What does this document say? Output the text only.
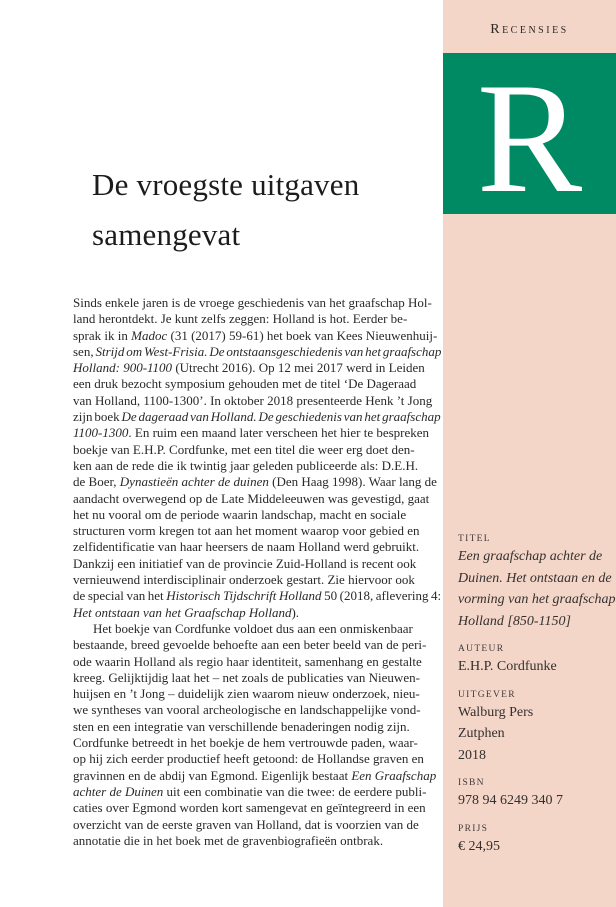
De vroegste uitgaven
samengevat
Sinds enkele jaren is de vroege geschiedenis van het graafschap Hol-
land herontdekt. Je kunt zelfs zeggen: Holland is hot. Eerder be-
sprak ik in Madoc (31 (2017) 59-61) het boek van Kees Nieuwenhuij-
sen, Strijd om West-Frisia. De ontstaansgeschiedenis van het graafschap
Holland: 900-1100 (Utrecht 2016). Op 12 mei 2017 werd in Leiden
een druk bezocht symposium gehouden met de titel ‘De Dageraad
van Holland, 1100-1300’. In oktober 2018 presenteerde Henk ’t Jong
zijn boek De dageraad van Holland. De geschiedenis van het graafschap
1100-1300. En ruim een maand later verscheen het hier te bespreken
boekje van E.H.P. Cordfunke, met een titel die weer erg doet den-
ken aan de rede die ik twintig jaar geleden publiceerde als: D.E.H.
de Boer, Dynastieën achter de duinen (Den Haag 1998). Waar lang de
aandacht overwegend op de Late Middeleeuwen was gevestigd, gaat
het nu vooral om de periode waarin landschap, macht en sociale
structuren vorm kregen tot aan het moment waarop voor gebied en
zelfidentificatie van haar heersers de naam Holland werd gebruikt.
Dankzij een initiatief van de provincie Zuid-Holland is recent ook
vernieuwend interdisciplinair onderzoek gestart. Zie hiervoor ook
de special van het Historisch Tijdschrift Holland 50 (2018, aflevering 4:
Het ontstaan van het Graafschap Holland).
Het boekje van Cordfunke voldoet dus aan een onmiskenbaar
bestaande, breed gevoelde behoefte aan een beter beeld van de peri-
ode waarin Holland als regio haar identiteit, samenhang en gestalte
kreeg. Gelijktijdig laat het – net zoals de publicaties van Nieuwen-
huijsen en ’t Jong – duidelijk zien waarom nieuw onderzoek, nieu-
we syntheses van vooral archeologische en landschappelijke vond-
sten en een integratie van verschillende benaderingen nodig zijn.
Cordfunke betreedt in het boekje de hem vertrouwde paden, waar-
op hij zich eerder productief heeft getoond: de Hollandse graven en
gravinnen en de abdij van Egmond. Eigenlijk bestaat Een Graafschap
achter de Duinen uit een combinatie van die twee: de eerdere publi-
caties over Egmond worden kort samengevat en geïntegreerd in een
overzicht van de eerste graven van Holland, dat is voorzien van de
annotatie die in het boek met de gravenbiografieën ontbrak.
Recensies
R
TITEL
Een graafschap achter de
Duinen. Het ontstaan en de
vorming van het graafschap
Holland [850-1150]
AUTEUR
E.H.P. Cordfunke
UITGEVER
Walburg Pers
Zutphen
2018
ISBN
978 94 6249 340 7
PRIJS
€ 24,95
